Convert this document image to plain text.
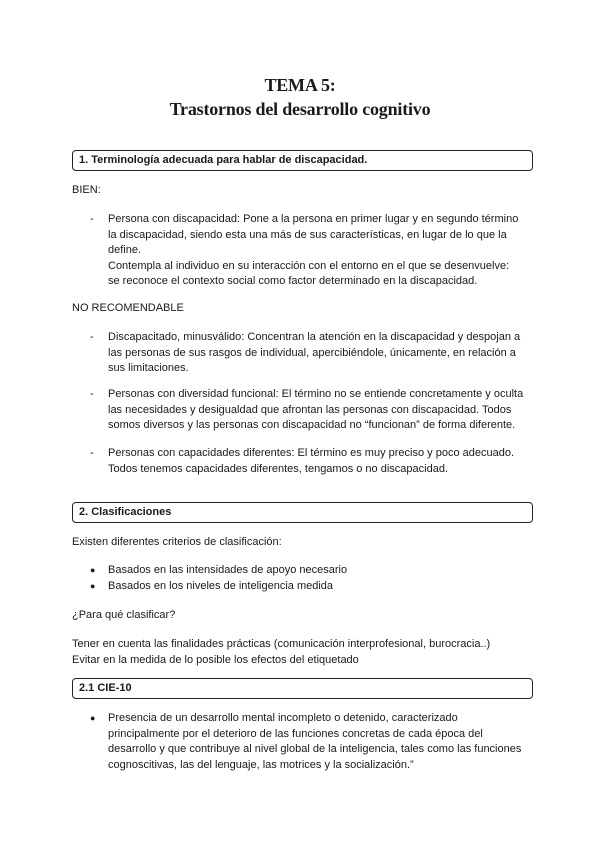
TEMA 5:
Trastornos del desarrollo cognitivo
1. Terminología adecuada para hablar de discapacidad.
BIEN:
-	Persona con discapacidad: Pone a la persona en primer lugar y en segundo término
la discapacidad, siendo esta una más de sus características, en lugar de lo que la
define.
Contempla al individuo en su interacción con el entorno en el que se desenvuelve:
se reconoce el contexto social como factor determinado en la discapacidad.
NO RECOMENDABLE
-	Discapacitado, minusválido: Concentran la atención en la discapacidad y despojan a
las personas de sus rasgos de individual, apercibiéndole, únicamente, en relación a
sus limitaciones.
-	Personas con diversidad funcional: El término no se entiende concretamente y oculta
las necesidades y desigualdad que afrontan las personas con discapacidad. Todos
somos diversos y las personas con discapacidad no “funcionan” de forma diferente.
-	Personas con capacidades diferentes: El término es muy preciso y poco adecuado.
Todos tenemos capacidades diferentes, tengamos o no discapacidad.
2. Clasificaciones
Existen diferentes criterios de clasificación:
●	Basados en las intensidades de apoyo necesario
●	Basados en los niveles de inteligencia medida
¿Para qué clasificar?
Tener en cuenta las finalidades prácticas (comunicación interprofesional, burocracia..)
Evitar en la medida de lo posible los efectos del etiquetado
2.1 CIE-10
●	Presencia de un desarrollo mental incompleto o detenido, caracterizado
principalmente por el deterioro de las funciones concretas de cada época del
desarrollo y que contribuye al nivel global de la inteligencia, tales como las funciones
cognoscitivas, las del lenguaje, las motrices y la socialización.”
